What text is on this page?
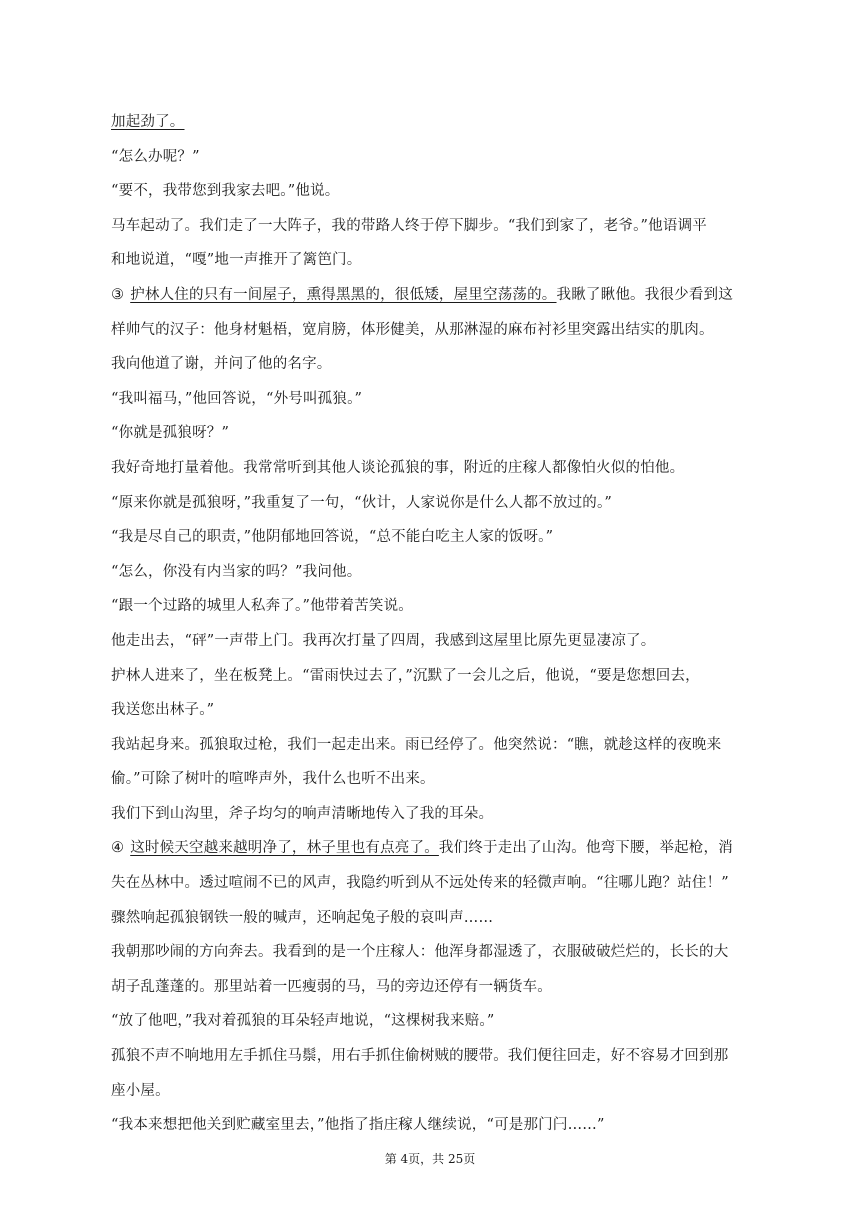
加起劲了。
“怎么办呢？”
“要不，我带您到我家去吧。”他说。
马车起动了。我们走了一大阵子，我的带路人终于停下脚步。“我们到家了，老爷。”他语调平
和地说道，“嘎”地一声推开了篱笆门。
③ 护林人住的只有一间屋子，熏得黑黑的，很低矮，屋里空荡荡的。我瞅了瞅他。我很少看到这
样帅气的汉子：他身材魁梧，宽肩膀，体形健美，从那淋湿的麻布衬衫里突露出结实的肌肉。
我向他道了谢，并问了他的名字。
“我叫福马，”他回答说，“外号叫孤狼。”
“你就是孤狼呀？”
我好奇地打量着他。我常常听到其他人谈论孤狼的事，附近的庄稼人都像怕火似的怕他。
“原来你就是孤狼呀，”我重复了一句，“伙计，人家说你是什么人都不放过的。”
“我是尽自己的职责，”他阴郁地回答说，“总不能白吃主人家的饭呀。”
“怎么，你没有内当家的吗？”我问他。
“跟一个过路的城里人私奔了。”他带着苦笑说。
他走出去，“砰”一声带上门。我再次打量了四周，我感到这屋里比原先更显凄凉了。
护林人进来了，坐在板凳上。“雷雨快过去了，”沉默了一会儿之后，他说，“要是您想回去，
我送您出林子。”
我站起身来。孤狼取过枪，我们一起走出来。雨已经停了。他突然说：“瞧，就趁这样的夜晚来
偷。”可除了树叶的喧哗声外，我什么也听不出来。
我们下到山沟里，斧子均匀的响声清晰地传入了我的耳朵。
④ 这时候天空越来越明净了，林子里也有点亮了。我们终于走出了山沟。他弯下腰，举起枪，消
失在丛林中。透过喧闹不已的风声，我隐约听到从不远处传来的轻微声响。“往哪儿跑？站住！”
骤然响起孤狼钢铁一般的喊声，还响起兔子般的哀叫声……
我朝那吵闹的方向奔去。我看到的是一个庄稼人：他浑身都湿透了，衣服破破烂烂的，长长的大
胡子乱蓬蓬的。那里站着一匹瘦弱的马，马的旁边还停有一辆货车。
“放了他吧，”我对着孤狼的耳朵轻声地说，“这棵树我来赔。”
孤狼不声不响地用左手抓住马鬃，用右手抓住偷树贼的腰带。我们便往回走，好不容易才回到那
座小屋。
“我本来想把他关到贮藏室里去，”他指了指庄稼人继续说，“可是那门闩……”
第 4页，共 25页
